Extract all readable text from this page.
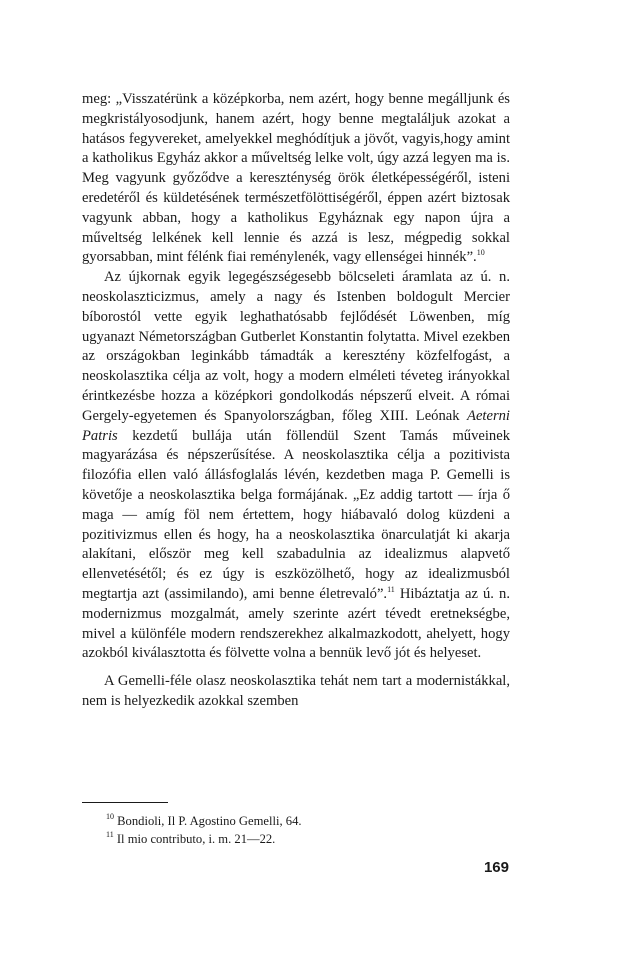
meg: „Visszatérünk a középkorba, nem azért, hogy benne megálljunk és megkristályosodjunk, hanem azért, hogy benne megtaláljuk azokat a hatásos fegyvereket, amelyekkel meghódítjuk a jövőt, vagyis,hogy amint a katholikus Egyház akkor a műveltség lelke volt, úgy azzá legyen ma is. Meg vagyunk győződve a kereszténység örök életképességéről, isteni eredetéről és küldetésének természetfölöttiségéről, éppen azért biztosak vagyunk abban, hogy a katholikus Egyháznak egy napon újra a műveltség lelkének kell lennie és azzá is lesz, mégpedig sokkal gyorsabban, mint félénk fiai reménylenék, vagy ellenségei hinnék”.$^{10}$

Az újkornak egyik legegészségesebb bölcseleti áramlata az ú. n. neoskolaszticizmus, amely a nagy és Istenben boldogult Mercier bíborostól vette egyik leghathatósabb fejlődését Löwenben, míg ugyanazt Németországban Gutberlet Konstantin folytatta. Mivel ezekben az országokban leginkább támadták a keresztény közfelfogást, a neoskolasztika célja az volt, hogy a modern elméleti téveteg irányokkal érintkezésbe hozza a középkori gondolkodás népszerű elveit. A római Gergely-egyetemen és Spanyolországban, főleg XIII. Leónak Aeterni Patris kezdetű bullája után föllendül Szent Tamás műveinek magyarázása és népszerűsítése. A neoskolasztika célja a pozitivista filozófia ellen való állásfoglalás lévén, kezdetben maga P. Gemelli is követője a neoskolasztika belga formájának. „Ez addig tartott — írja ő maga — amíg föl nem értettem, hogy hiábavaló dolog küzdeni a pozitivizmus ellen és hogy, ha a neoskolasztika önarculatját ki akarja alakítani, először meg kell szabadulnia az idealizmus alapvető ellenvetésétől; és ez úgy is eszközölhető, hogy az idealizmusból megtartja azt (assimilando), ami benne életrevaló”.$^{11}$ Hibáztatja az ú. n. modernizmus mozgalmát, amely szerinte azért tévedt eretnekségbe, mivel a különféle modern rendszerekhez alkalmazkodott, ahelyett, hogy azokból kiválasztotta és fölvette volna a bennük levő jót és helyeset.

A Gemelli-féle olasz neoskolasztika tehát nem tart a modernistákkal, nem is helyezkedik azokkal szemben

$^{10}$ Bondioli, Il P. Agostino Gemelli, 64.
$^{11}$ Il mio contributo, i. m. 21—22.
169
